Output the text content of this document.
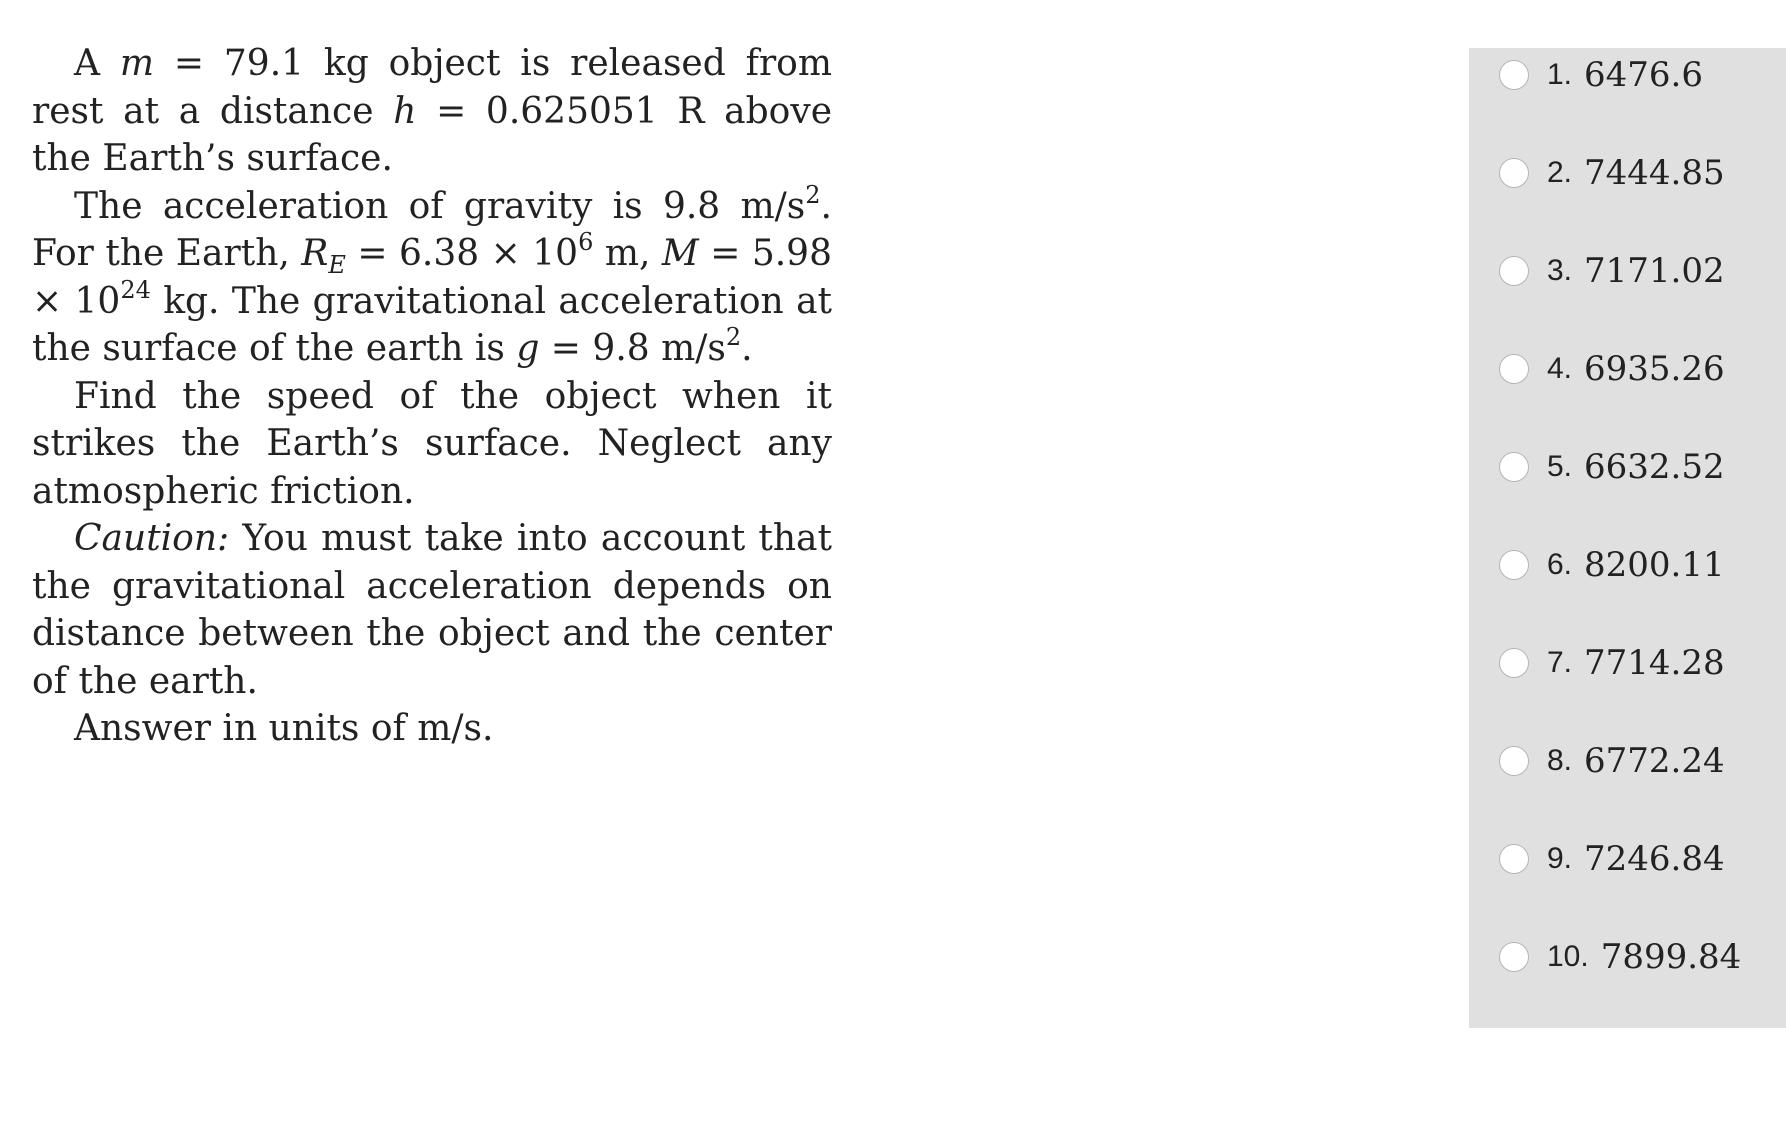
A m = 79.1 kg object is released from rest at a distance h = 0.625051 R above the Earth’s surface.

The acceleration of gravity is 9.8 $m/s^2$. For the Earth, $R_E = 6.38 \times 10^6$ m, $M = 5.98 \times 10^{24}$ kg. The gravitational acceleration at the surface of the earth is g = 9.8 $m/s^2$.

Find the speed of the object when it strikes the Earth’s surface. Neglect any atmospheric friction.

Caution: You must take into account that the gravitational acceleration depends on distance between the object and the center of the earth.

Answer in units of m/s.

1. 6476.6
2. 7444.85
3. 7171.02
4. 6935.26
5. 6632.52
6. 8200.11
7. 7714.28
8. 6772.24
9. 7246.84
10. 7899.84
